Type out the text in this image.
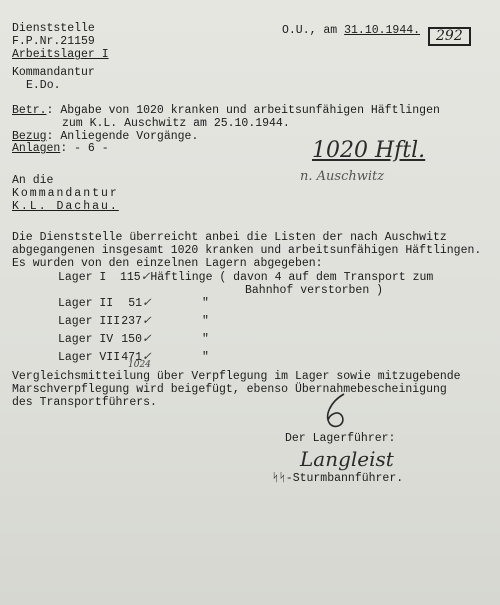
Dienststelle
F.P.Nr.21159
Arbeitslager I
Kommandantur
E.Do.
O.U., am 31.10.1944.	292
Betr.: Abgabe von 1020 kranken und arbeitsunfähigen Häftlingen
zum K.L. Auschwitz am 25.10.1944.
Bezug: Anliegende Vorgänge.
Anlagen: - 6 -	1020 Hftl.
n. Auschwitz
An die
Kommandantur
K.L. Dachau.
Die Dienststelle überreicht anbei die Listen der nach Auschwitz
abgegangenen insgesamt 1020 kranken und arbeitsunfähigen Häftlingen.
Es wurden von den einzelnen Lagern abgegeben:
Lager I 115✓Häftlinge ( davon 4 auf dem Transport zum
Bahnhof verstorben )
Lager II 51✓	"
Lager III237✓	"
Lager IV 150✓	"
Lager VII471✓	"
1024
Vergleichsmitteilung über Verpflegung im Lager sowie mitzugebende
Marschverpflegung wird beigefügt, ebenso Übernahmebescheinigung
des Transportführers.
Der Lagerführer:
Langleist
ᛋᛋ-Sturmbannführer.
